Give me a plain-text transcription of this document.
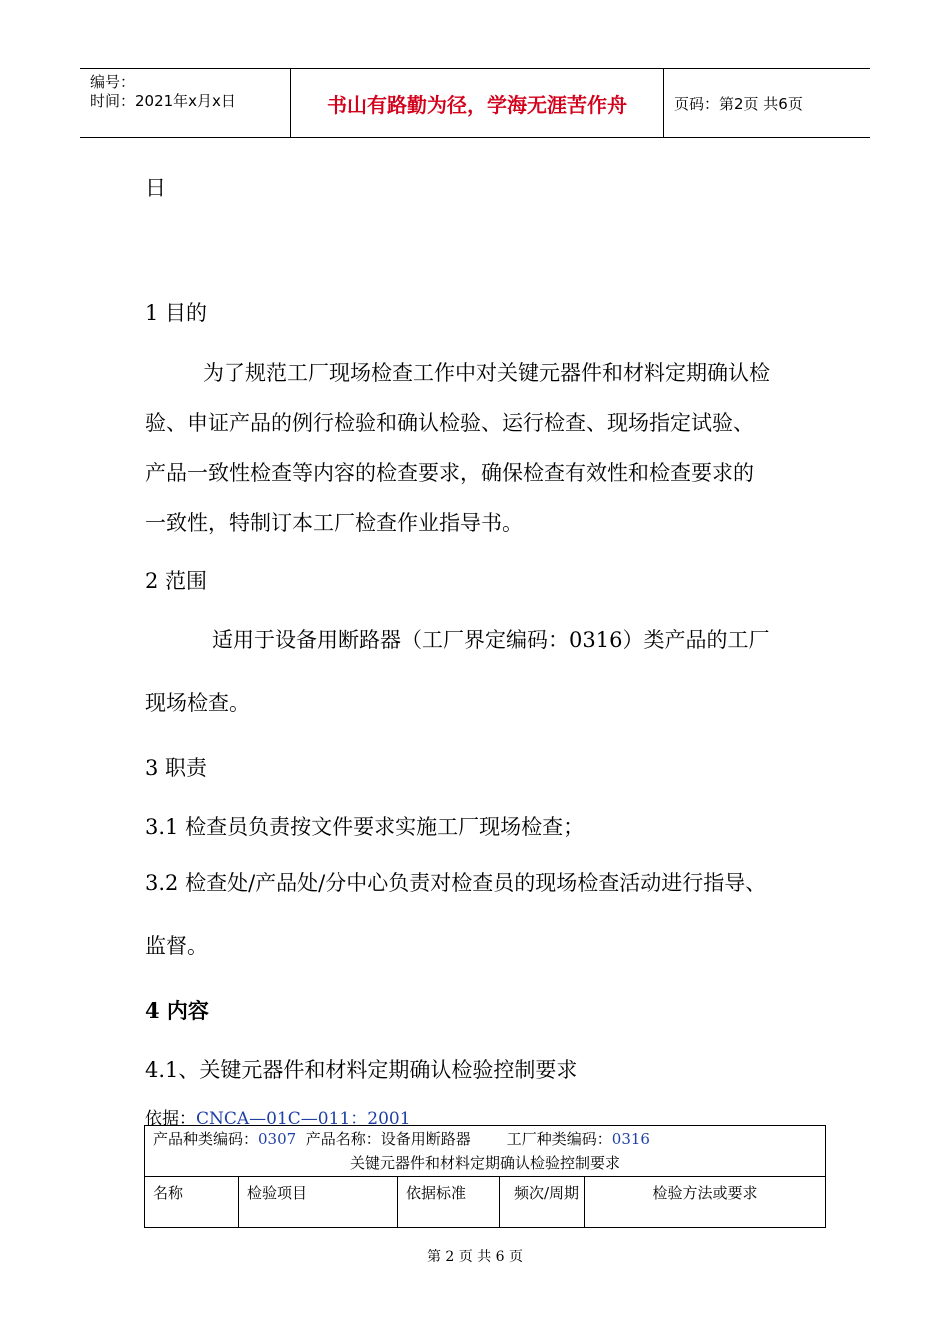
编号：
时间：2021年x月x日	书山有路勤为径，学海无涯苦作舟	页码：第2页 共6页
日
1 目的
为了规范工厂现场检查工作中对关键元器件和材料定期确认检
验、申证产品的例行检验和确认检验、运行检查、现场指定试验、
产品一致性检查等内容的检查要求，确保检查有效性和检查要求的
一致性，特制订本工厂检查作业指导书。
2 范围
适用于设备用断路器（工厂界定编码：0316）类产品的工厂
现场检查。
3 职责
3.1 检查员负责按文件要求实施工厂现场检查；
3.2 检查处/产品处/分中心负责对检查员的现场检查活动进行指导、
监督。
4 内容
4.1、关键元器件和材料定期确认检验控制要求
依据：CNCA—01C—011：2001
产品种类编码：0307 产品名称：设备用断路器 工厂种类编码：0316
关键元器件和材料定期确认检验控制要求
名称	检验项目	依据标准	频次/周期	检验方法或要求
第 2 页 共 6 页
